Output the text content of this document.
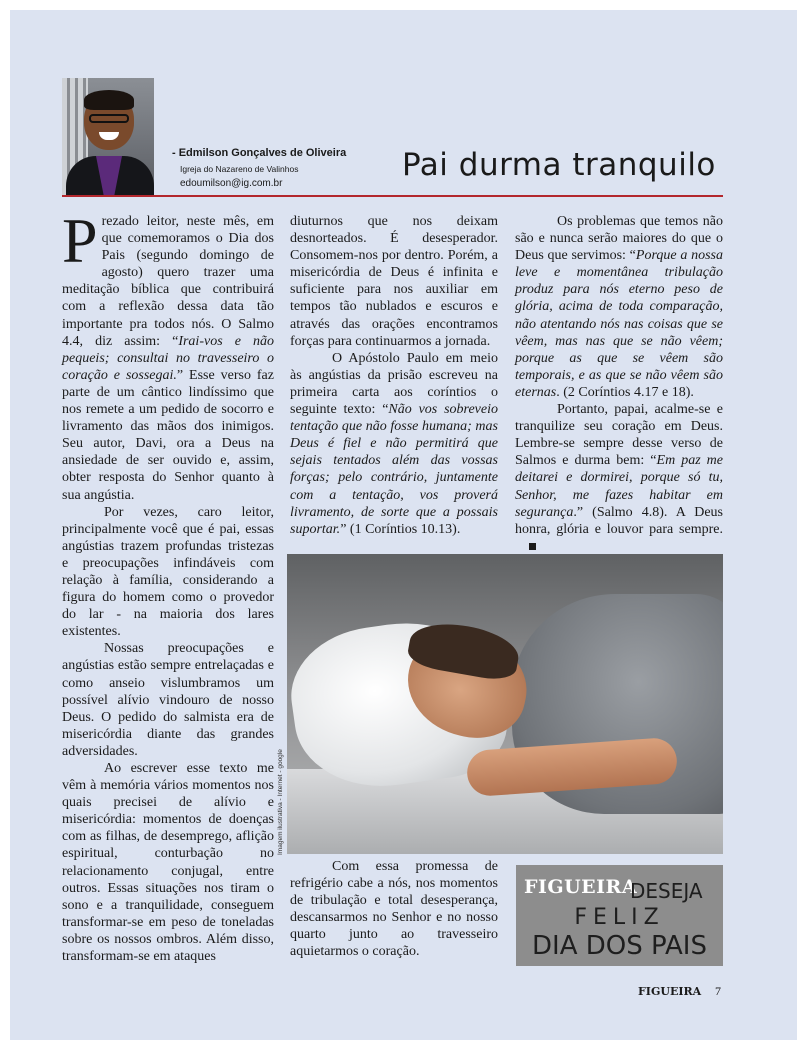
- Edmilson Gonçalves de Oliveira
Igreja do Nazareno de Valinhos
edoumilson@ig.com.br
Pai durma tranquilo

Prezado leitor, neste mês, em que comemoramos o Dia dos Pais (segundo domingo de agosto) quero trazer uma meditação bíblica que contribuirá com a reflexão dessa data tão importante pra todos nós. O Salmo 4.4, diz assim: “Irai-vos e não pequeis; consultai no travesseiro o coração e sossegai.” Esse verso faz parte de um cântico lindíssimo que nos remete a um pedido de socorro e livramento das mãos dos inimigos. Seu autor, Davi, ora a Deus na ansiedade de ser ouvido e, assim, obter resposta do Senhor quanto à sua angústia.

Por vezes, caro leitor, principalmente você que é pai, essas angústias trazem profundas tristezas e preocupações infindáveis com relação à família, considerando a figura do homem como o provedor do lar - na maioria dos lares existentes.

Nossas preocupações e angústias estão sempre entrelaçadas e como anseio vislumbramos um possível alívio vindouro de nosso Deus. O pedido do salmista era de misericórdia diante das grandes adversidades.

Ao escrever esse texto me vêm à memória vários momentos nos quais precisei de alívio e misericórdia: momentos de doenças com as filhas, de desemprego, aflição espiritual, conturbação no relacionamento conjugal, entre outros. Essas situações nos tiram o sono e a tranquilidade, conseguem transformar-se em peso de toneladas sobre os nossos ombros. Além disso, transformam-se em ataques

diuturnos que nos deixam desnorteados. É desesperador. Consomem-nos por dentro. Porém, a misericórdia de Deus é infinita e suficiente para nos auxiliar em tempos tão nublados e escuros e através das orações encontramos forças para continuarmos a jornada.

O Apóstolo Paulo em meio às angústias da prisão escreveu na primeira carta aos coríntios o seguinte texto: “Não vos sobreveio tentação que não fosse humana; mas Deus é fiel e não permitirá que sejais tentados além das vossas forças; pelo contrário, juntamente com a tentação, vos proverá livramento, de sorte que a possais suportar.” (1 Coríntios 10.13).

Os problemas que temos não são e nunca serão maiores do que o Deus que servimos: “Porque a nossa leve e momentânea tribulação produz para nós eterno peso de glória, acima de toda comparação, não atentando nós nas coisas que se vêem, mas nas que se não vêem; porque as que se vêem são temporais, e as que se não vêem são eternas. (2 Coríntios 4.17 e 18).

Portanto, papai, acalme-se e tranquilize seu coração em Deus. Lembre-se sempre desse verso de Salmos e durma bem: “Em paz me deitarei e dormirei, porque só tu, Senhor, me fazes habitar em segurança.” (Salmo 4.8). A Deus honra, glória e louvor para sempre.

Imagem ilustrativa - Internet - google

Com essa promessa de refrigério cabe a nós, nos momentos de tribulação e total desesperança, descansarmos no Senhor e no nosso quarto junto ao travesseiro aquietarmos o coração.

FIGUEIRA
DESEJA
FELIZ
DIA DOS PAIS
FIGUEIRA 7
